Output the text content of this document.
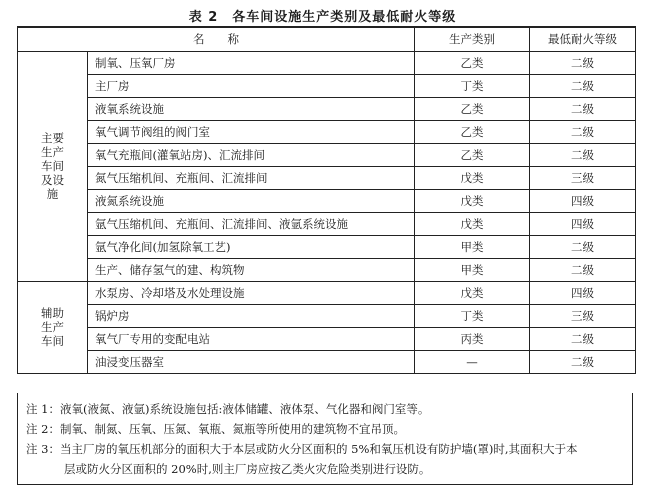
表 2　各车间设施生产类别及最低耐火等级
名　　称		生产类别	最低耐火等级
主要生产车间及设施	制氧、压氧厂房	乙类	二级
	主厂房	丁类	二级
	液氧系统设施	乙类	二级
	氧气调节阀组的阀门室	乙类	二级
	氧气充瓶间(灌氧站房)、汇流排间	乙类	二级
	氮气压缩机间、充瓶间、汇流排间	戊类	三级
	液氮系统设施	戊类	四级
	氩气压缩机间、充瓶间、汇流排间、液氩系统设施	戊类	四级
	氩气净化间(加氢除氧工艺)	甲类	二级
	生产、储存氢气的建、构筑物	甲类	二级
辅助生产车间	水泵房、冷却塔及水处理设施	戊类	四级
	锅炉房	丁类	三级
	氧气厂专用的变配电站	丙类	二级
	油浸变压器室	—	二级

注 1：液氧(液氮、液氩)系统设施包括:液体储罐、液体泵、气化器和阀门室等。

注 2：制氧、制氮、压氧、压氮、氧瓶、氮瓶等所使用的建筑物不宜吊顶。

注 3：当主厂房的氧压机部分的面积大于本层或防火分区面积的 5%和氧压机设有防护墙(罩)时,其面积大于本

层或防火分区面积的 20%时,则主厂房应按乙类火灾危险类别进行设防。
